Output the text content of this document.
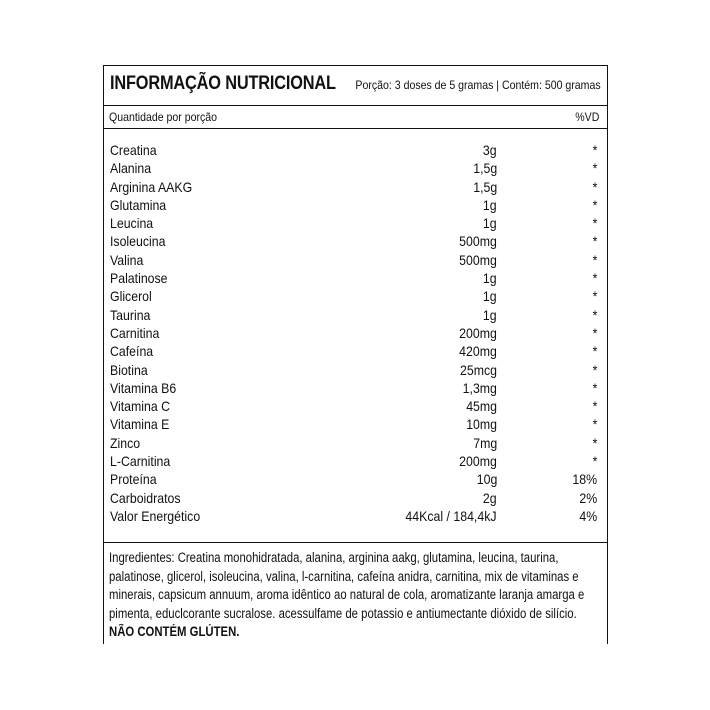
INFORMAÇÃO NUTRICIONAL Porção: 3 doses de 5 gramas | Contém: 500 gramas
Quantidade por porção	%VD
Creatina	3g	*
Alanina	1,5g	*
Arginina AAKG	1,5g	*
Glutamina	1g	*
Leucina	1g	*
Isoleucina	500mg	*
Valina	500mg	*
Palatinose	1g	*
Glicerol	1g	*
Taurina	1g	*
Carnitina	200mg	*
Cafeína	420mg	*
Biotina	25mcg	*
Vitamina B6	1,3mg	*
Vitamina C	45mg	*
Vitamina E	10mg	*
Zinco	7mg	*
L-Carnitina	200mg	*
Proteína	10g	18%
Carboidratos	2g	2%
Valor Energético	44Kcal / 184,4kJ	4%
Ingredientes: Creatina monohidratada, alanina, arginina aakg, glutamina, leucina, taurina,
palatinose, glicerol, isoleucina, valina, l-carnitina, cafeína anidra, carnitina, mix de vitaminas e
minerais, capsicum annuum, aroma idêntico ao natural de cola, aromatizante laranja amarga e
pimenta, educlcorante sucralose. acessulfame de potassio e antiumectante dióxido de silício.
NÃO CONTÉM GLÚTEN.
